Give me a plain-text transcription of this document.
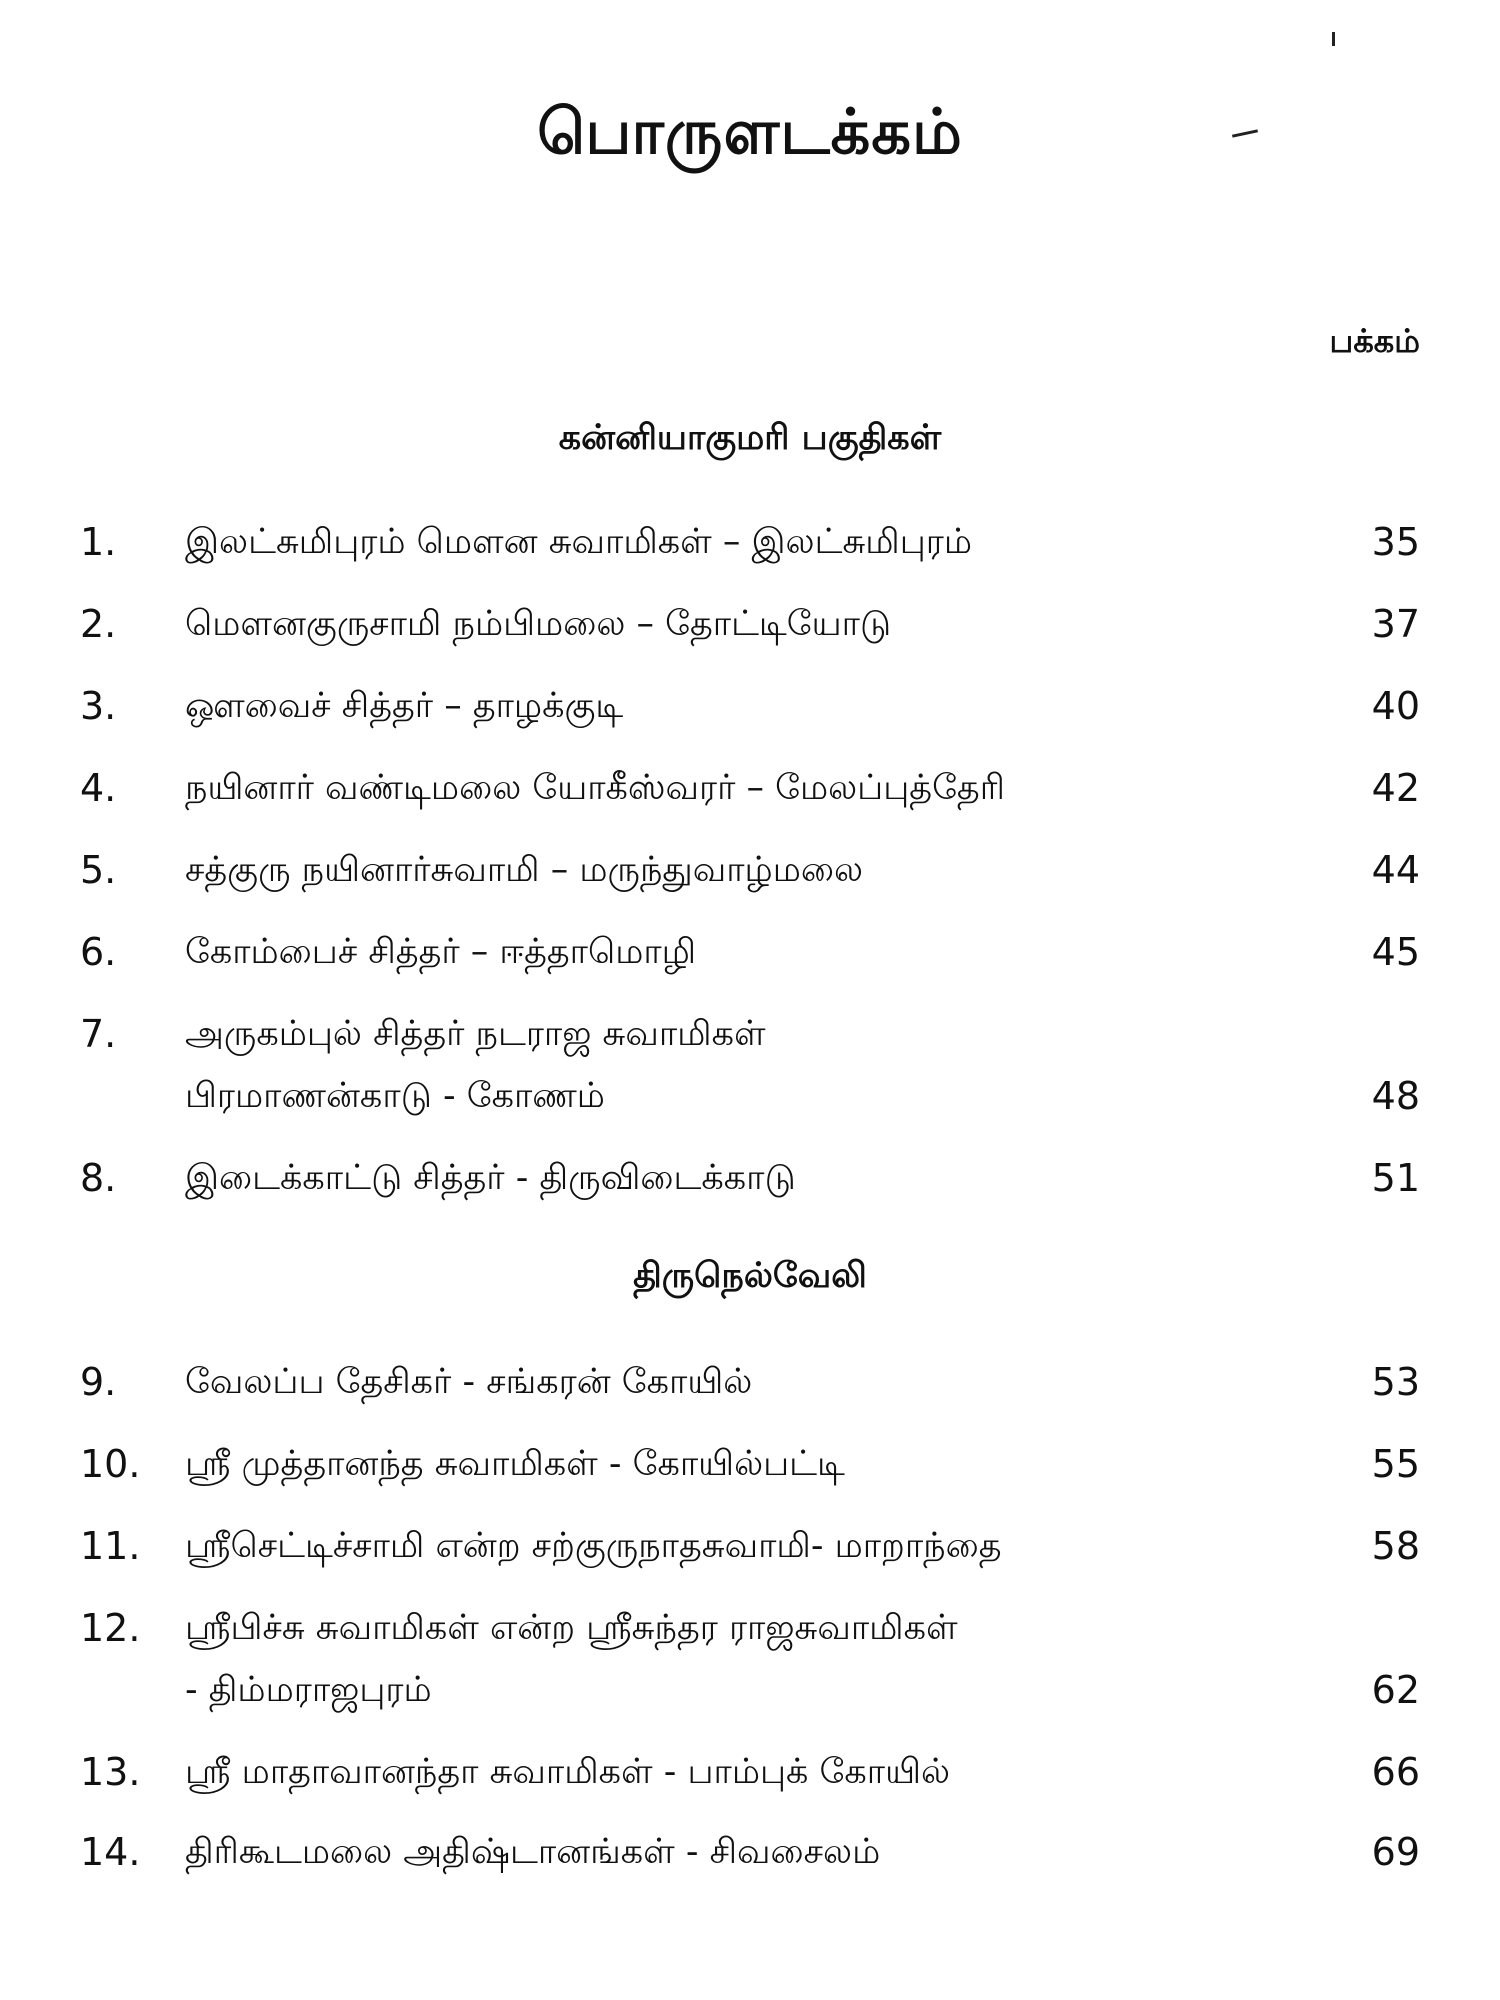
பொருளடக்கம்
பக்கம்
கன்னியாகுமரி பகுதிகள்
1.	இலட்சுமிபுரம் மௌன சுவாமிகள் – இலட்சுமிபுரம்	35
2.	மௌனகுருசாமி நம்பிமலை – தோட்டியோடு	37
3.	ஔவைச் சித்தர் – தாழக்குடி	40
4.	நயினார் வண்டிமலை யோகீஸ்வரர் – மேலப்புத்தேரி	42
5.	சத்குரு நயினார்சுவாமி – மருந்துவாழ்மலை	44
6.	கோம்பைச் சித்தர் – ஈத்தாமொழி	45
7.	அருகம்புல் சித்தர் நடராஜ சுவாமிகள்
பிரமாணன்காடு - கோணம்	48
8.	இடைக்காட்டு சித்தர் - திருவிடைக்காடு	51
திருநெல்வேலி
9.	வேலப்ப தேசிகர் - சங்கரன் கோயில்	53
10.	ஸ்ரீ முத்தானந்த சுவாமிகள் - கோயில்பட்டி	55
11.	ஸ்ரீசெட்டிச்சாமி என்ற சற்குருநாதசுவாமி- மாறாந்தை	58
12.	ஸ்ரீபிச்சு சுவாமிகள் என்ற ஸ்ரீசுந்தர ராஜசுவாமிகள்
- திம்மராஜபுரம்	62
13.	ஸ்ரீ மாதாவானந்தா சுவாமிகள் - பாம்புக் கோயில்	66
14.	திரிகூடமலை அதிஷ்டானங்கள் - சிவசைலம்	69
